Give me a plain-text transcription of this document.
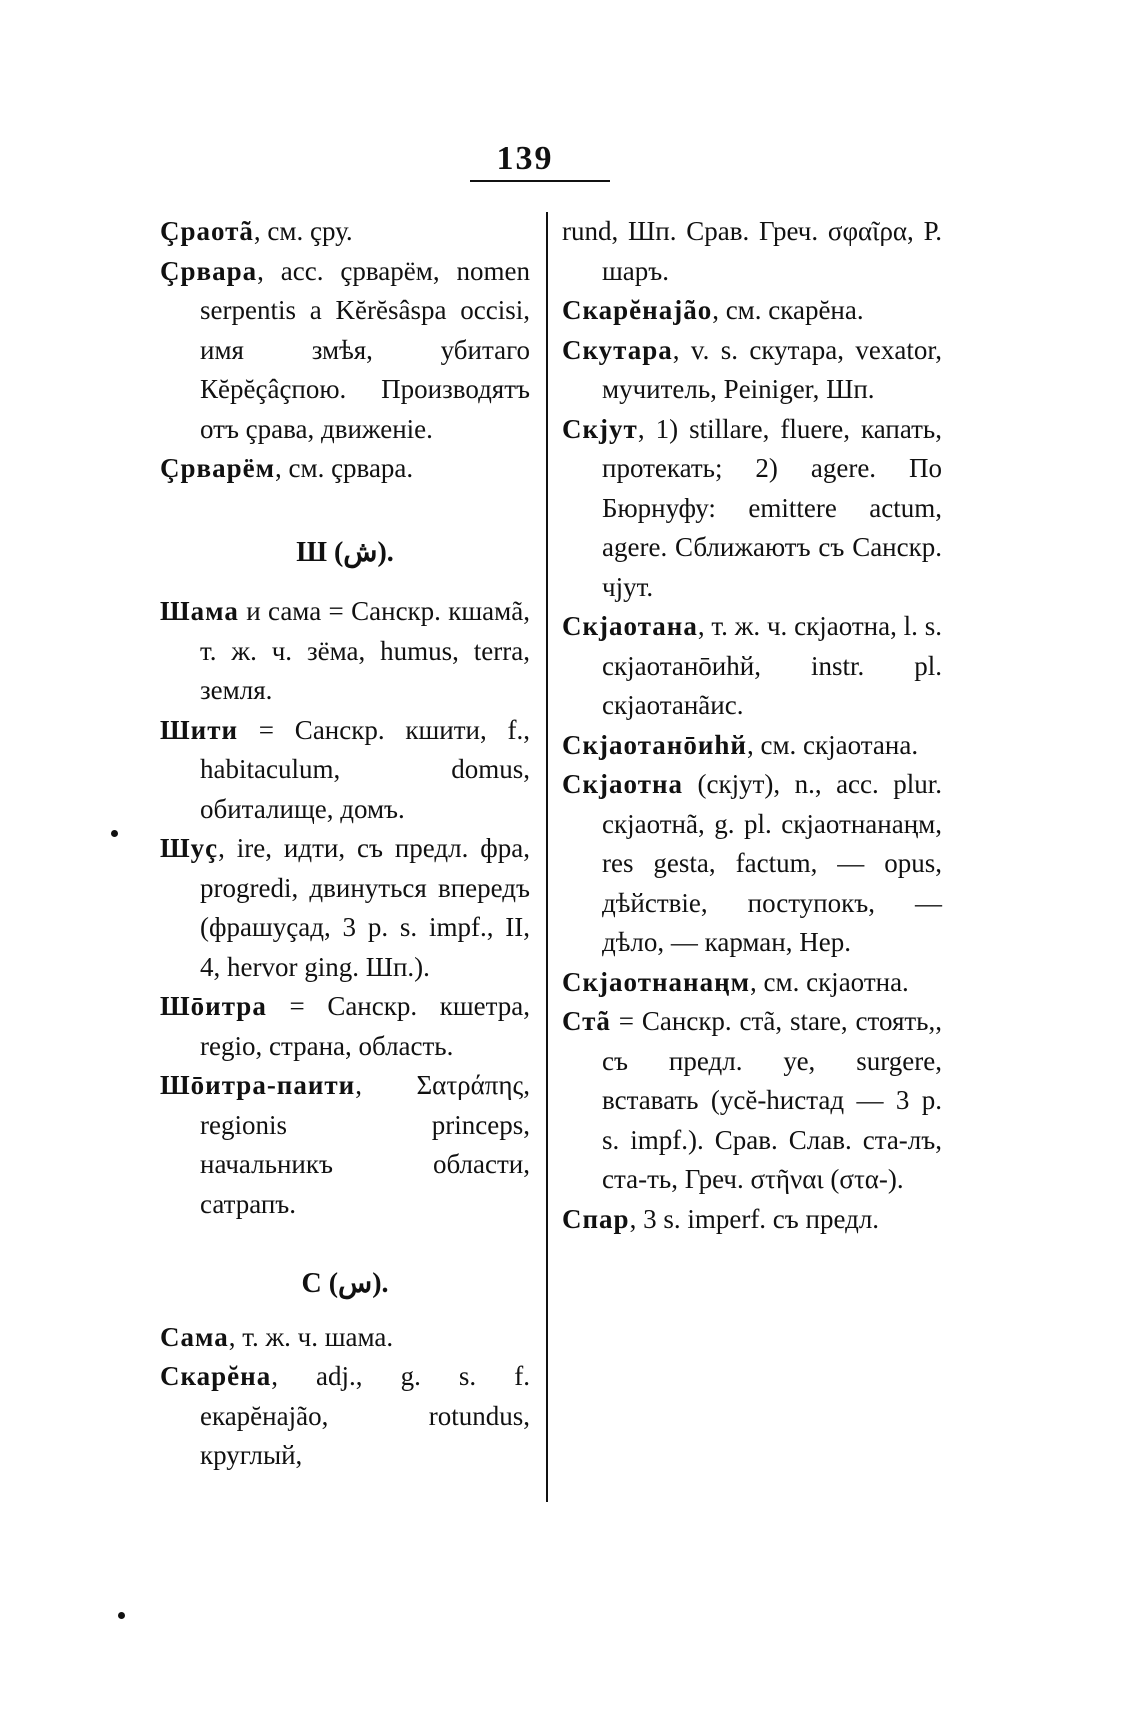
139
Çраотã, см. çру.
Çрвара, acc. çрварём, nomen serpentis a Kĕrĕsâspa occisi, имя змѣя, убитаго Кĕрĕçâçпою. Производятъ отъ çрава, движеніе.
Çрварём, см. çрвара.
Ш (ش).
Шама и сама = Санскр. кшамã, т. ж. ч. зёма, humus, terra, земля.
Шити = Санскр. кшити, f., habitaculum, domus, обиталище, домъ.
Шуç, ire, идти, съ предл. фра, progredi, двинуться впередъ (фрашуçад, 3 p. s. impf., II, 4, hervor ging. Шп.).
Шōитра = Санскр. кшетра, regio, страна, область.
Шōитра-паити, Σατράπης, regionis princeps, начальникъ области, сатрапъ.
С (س).
Сама, т. ж. ч. шама.
Скарĕна, adj., g. s. f. екарĕнаjão, rotundus, круглый,
rund, Шп. Срав. Греч. σφαῖρα, Р. шаръ.
Скарĕнаjão, см. скарĕна.
Скутара, v. s. скутара, vexator, мучитель, Peiniger, Шп.
Скјут, 1) stillare, fluere, капать, протекать; 2) agere. По Бюрнуфу: emittere actum, agere. Сближаютъ съ Санскр. чјут.
Скјаотана, т. ж. ч. скјаотна, l. s. скјаотанōиһй, instr. pl. скјаотанãис.
Скјаотанōиһй, см. скјаотана.
Скјаотна (скјут), n., acc. plur. скјаотнã, g. pl. скјаотнанаңм, res gesta, factum, — opus, дѣйствіе, поступокъ, — дѣло, — карман, Нер.
Скјаотнанаңм, см. скјаотна.
Стã = Санскр. стã, stare, стоять,, съ предл. уе, surgere, вставать (уcĕ-һистад — 3 p. s. impf.). Срав. Слав. ста-лъ, ста-ть, Греч. στῆναι (στα-).
Спар, 3 s. imperf. съ предл.
